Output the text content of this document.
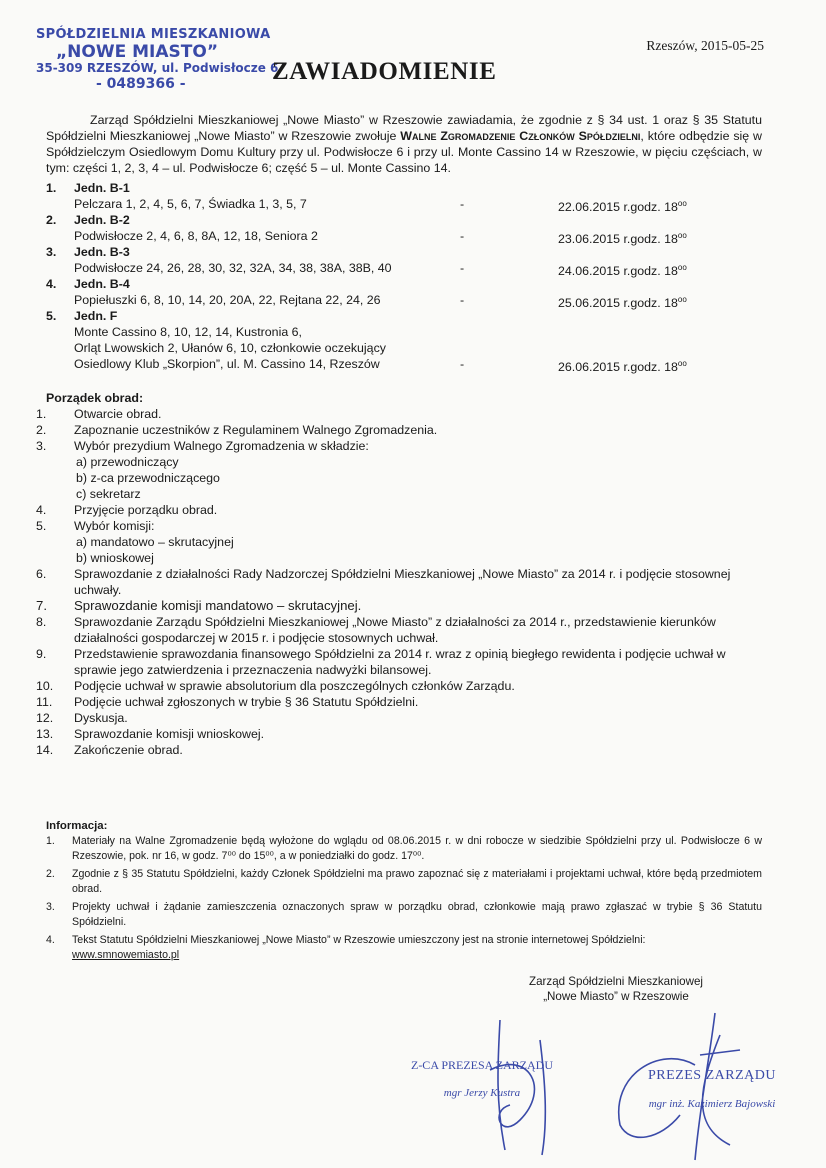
SPÓŁDZIELNIA MIESZKANIOWA
„NOWE MIASTO”
35-309 RZESZÓW, ul. Podwisłocze 6
- 0489366 -
Rzeszów, 2015-05-25
ZAWIADOMIENIE
Zarząd Spółdzielni Mieszkaniowej „Nowe Miasto” w Rzeszowie zawiadamia, że zgodnie z § 34 ust. 1 oraz § 35 Statutu Spółdzielni Mieszkaniowej „Nowe Miasto” w Rzeszowie zwołuje Walne Zgromadzenie Członków Spółdzielni, które odbędzie się w Spółdzielczym Osiedlowym Domu Kultury przy ul. Podwisłocze 6 i przy ul. Monte Cassino 14 w Rzeszowie, w pięciu częściach, w tym: części 1, 2, 3, 4 – ul. Podwisłocze 6; część 5 – ul. Monte Cassino 14.
1. Jedn. B-1
Pelczara 1, 2, 4, 5, 6, 7, Świadka 1, 3, 5, 7	-	22.06.2015 r.godz. $18^{oo}$
2. Jedn. B-2
Podwisłocze 2, 4, 6, 8, 8A, 12, 18, Seniora 2	-	23.06.2015 r.godz. $18^{oo}$
3. Jedn. B-3
Podwisłocze 24, 26, 28, 30, 32, 32A, 34, 38, 38A, 38B, 40	-	24.06.2015 r.godz. $18^{oo}$
4. Jedn. B-4
Popiełuszki 6, 8, 10, 14, 20, 20A, 22, Rejtana 22, 24, 26	-	25.06.2015 r.godz. $18^{oo}$
5. Jedn. F
Monte Cassino 8, 10, 12, 14, Kustronia 6,
Orląt Lwowskich 2, Ułanów 6, 10, członkowie oczekujący
Osiedlowy Klub „Skorpion”, ul. M. Cassino 14, Rzeszów	-	26.06.2015 r.godz. $18^{oo}$
Porządek obrad:
1. Otwarcie obrad.
2. Zapoznanie uczestników z Regulaminem Walnego Zgromadzenia.
3. Wybór prezydium Walnego Zgromadzenia w składzie:
a) przewodniczący
b) z-ca przewodniczącego
c) sekretarz
4. Przyjęcie porządku obrad.
5. Wybór komisji:
a) mandatowo – skrutacyjnej
b) wnioskowej
6. Sprawozdanie z działalności Rady Nadzorczej Spółdzielni Mieszkaniowej „Nowe Miasto” za 2014 r. i podjęcie stosownej uchwały.
7. Sprawozdanie komisji mandatowo – skrutacyjnej.
8. Sprawozdanie Zarządu Spółdzielni Mieszkaniowej „Nowe Miasto” z działalności za 2014 r., przedstawienie kierunków działalności gospodarczej w 2015 r. i podjęcie stosownych uchwał.
9. Przedstawienie sprawozdania finansowego Spółdzielni za 2014 r. wraz z opinią biegłego rewidenta i podjęcie uchwał w sprawie jego zatwierdzenia i przeznaczenia nadwyżki bilansowej.
10. Podjęcie uchwał w sprawie absolutorium dla poszczególnych członków Zarządu.
11. Podjęcie uchwał zgłoszonych w trybie § 36 Statutu Spółdzielni.
12. Dyskusja.
13. Sprawozdanie komisji wnioskowej.
14. Zakończenie obrad.
Informacja:
1. Materiały na Walne Zgromadzenie będą wyłożone do wglądu od 08.06.2015 r. w dni robocze w siedzibie Spółdzielni przy ul. Podwisłocze 6 w Rzeszowie, pok. nr 16, w godz. 7⁰⁰ do 15⁰⁰, a w poniedziałki do godz. 17⁰⁰.
2. Zgodnie z § 35 Statutu Spółdzielni, każdy Członek Spółdzielni ma prawo zapoznać się z materiałami i projektami uchwał, które będą przedmiotem obrad.
3. Projekty uchwał i żądanie zamieszczenia oznaczonych spraw w porządku obrad, członkowie mają prawo zgłaszać w trybie § 36 Statutu Spółdzielni.
4. Tekst Statutu Spółdzielni Mieszkaniowej „Nowe Miasto” w Rzeszowie umieszczony jest na stronie internetowej Spółdzielni:
www.smnowemiasto.pl
Zarząd Spółdzielni Mieszkaniowej
„Nowe Miasto” w Rzeszowie
Z-CA PREZESA ZARZĄDU
mgr Jerzy Kustra
PREZES ZARZĄDU
mgr inż. Kazimierz Bajowski
